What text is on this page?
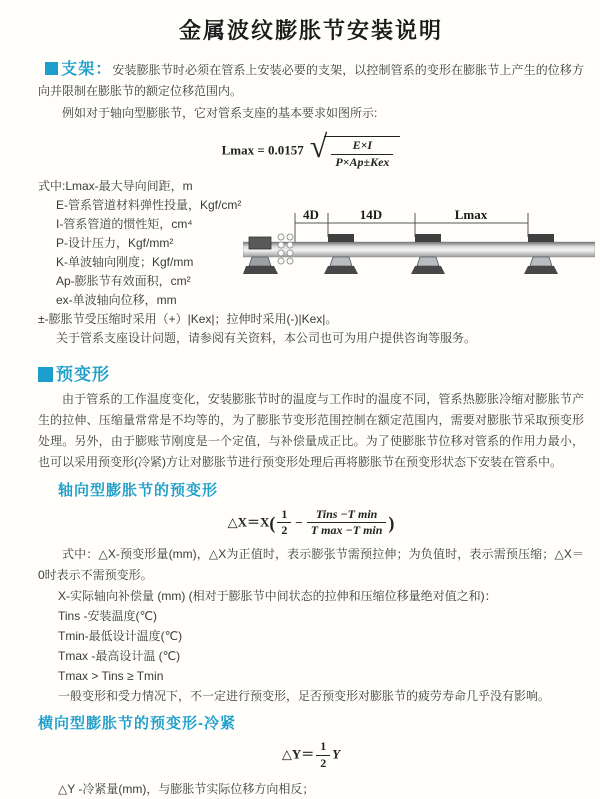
金属波纹膨胀节安装说明

支架：安装膨胀节时必须在管系上安装必要的支架，以控制管系的变形在膨胀节上产生的位移方向并限制在膨胀节的额定位移范围内。

例如对于轴向型膨胀节，它对管系支座的基本要求如图所示:

Lmax = 0.0157 √ $\frac{E\times I}{\text{P×Ap±Kex}}$
式中:Lmax-最大导向间距，m
E-管系管道材料弹性投量，Kgf/cm²
I-管系管道的惯性矩，cm⁴
P-设计压力，Kgf/mm²
K-单波轴向刚度；Kgf/mm
Ap-膨胀节有效面积，cm²
ex-单波轴向位移，mm
±-膨胀节受压缩时采用（+）|Kex|；拉伸时采用(-)|Kex|。
关于管系支座设计问题，请参阅有关资料，本公司也可为用户提供咨询等服务。
4D	14D	Lmax
预变形

由于管系的工作温度变化，安装膨胀节时的温度与工作时的温度不同，管系热膨胀冷缩对膨胀节产生的拉伸、压缩量常常是不均等的，为了膨胀节变形范围控制在额定范围内，需要对膨胀节采取预变形处理。另外，由于膨账节刚度是一个定值，与补偿量成正比。为了使膨胀节位移对管系的作用力最小，也可以采用预变形(冷紧)方让对膨胀节进行预变形处理后再将膨胀节在预变形状态下安装在管系中。

轴向型膨胀节的预变形
△X＝X( $\frac{1}{2} - \frac{\text{Tins −T min}}{\text{T max −T min}}$ )

式中：△X-预变形量(mm)，△X为正值时，表示膨张节需预拉伸；为负值时，表示需预压缩；△X＝0时表示不需预变形。

X-实际轴向补偿量 (mm) (相对于膨胀节中间状态的拉伸和压缩位移量绝对值之和)：
Tins -安装温度(℃)
Tmin-最低设计温度(℃)
Tmax -最高设计温 (℃)
Tmax > Tins ≥ Tmin
一般变形和受力情况下，不一定进行预变形，足否预变形对膨胀节的疲劳寿命几乎没有影响。
横向型膨胀节的预变形-冷紧
△Y＝ $\frac{1}{2}$ Y
△Y -冷紧量(mm)，与膨胀节实际位移方向相反；
